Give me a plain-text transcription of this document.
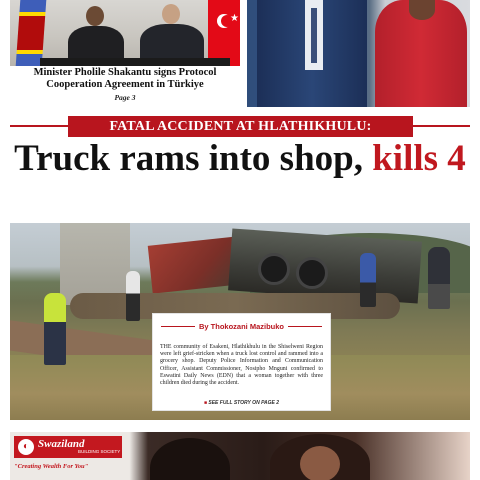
★
Minister Pholile Shakantu signs Protocol Cooperation Agreement in Türkiye
Page 3
FATAL ACCIDENT AT HLATHIKHULU:
Truck rams into shop, kills 4
By Thokozani Mazibuko
THE community of Esakeni, Hlathikhulu in the Shiselweni Region were left grief-stricken when a truck lost control and rammed into a grocery shop. Deputy Police Information and Communication Officer, Assistant Commissioner, Nosipho Mnguni confirmed to Eswatini Daily News (EDN) that a woman together with three children died during the accident.
■ SEE FULL STORY ON PAGE 2
◐ Swaziland
BUILDING SOCIETY
"Creating Wealth For You"
